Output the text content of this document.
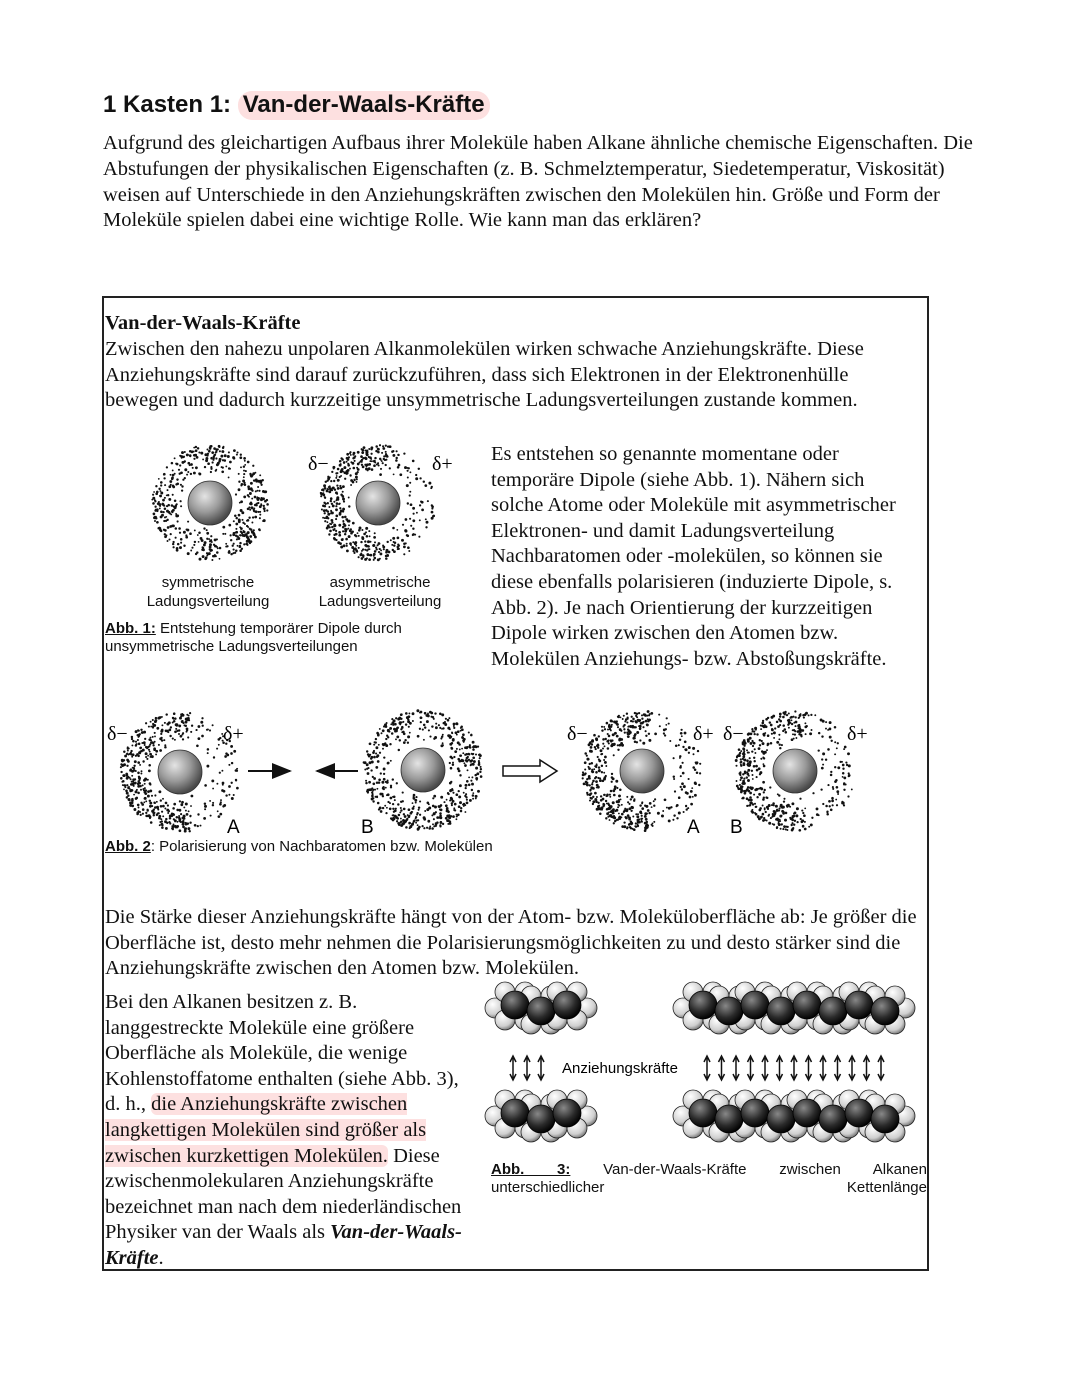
1 Kasten 1: Van-der-Waals-Kräfte

Aufgrund des gleichartigen Aufbaus ihrer Moleküle haben Alkane ähnliche chemische Eigenschaften. Die Abstufungen der physikalischen Eigenschaften (z. B. Schmelztemperatur, Siedetemperatur, Viskosität) weisen auf Unterschiede in den Anziehungskräften zwischen den Molekülen hin. Größe und Form der Moleküle spielen dabei eine wichtige Rolle. Wie kann man das erklären?

Van-der-Waals-Kräfte

Zwischen den nahezu unpolaren Alkanmolekülen wirken schwache Anziehungskräfte. Diese Anziehungskräfte sind darauf zurückzuführen, dass sich Elektronen in der Elektronenhülle bewegen und dadurch kurzzeitige unsymmetrische Ladungsverteilungen zustande kommen.

Es entstehen so genannte momentane oder temporäre Dipole (siehe Abb. 1). Nähern sich solche Atome oder Moleküle mit asymmetrischer Elektronen- und damit Ladungsverteilung Nachbaratomen oder -molekülen, so können sie diese ebenfalls polarisieren (induzierte Dipole, s. Abb. 2). Je nach Orientierung der kurzzeitigen Dipole wirken zwischen den Atomen bzw. Molekülen Anziehungs- bzw. Abstoßungskräfte.

δ−	δ+
symmetrische
Ladungsverteilung
asymmetrische
Ladungsverteilung

Abb. 1: Entstehung temporärer Dipole durch unsymmetrische Ladungsverteilungen

δ−	δ+	δ−	δ+ δ−	δ+
A	B	A B

Abb. 2: Polarisierung von Nachbaratomen bzw. Molekülen

Die Stärke dieser Anziehungskräfte hängt von der Atom- bzw. Moleküloberfläche ab: Je größer die Oberfläche ist, desto mehr nehmen die Polarisierungsmöglichkeiten zu und desto stärker sind die Anziehungskräfte zwischen den Atomen bzw. Molekülen.

Bei den Alkanen besitzen z. B. langgestreckte Moleküle eine größere Oberfläche als Moleküle, die wenige Kohlenstoffatome enthalten (siehe Abb. 3), d. h., die Anziehungskräfte zwischen langkettigen Molekülen sind größer als zwischen kurzkettigen Molekülen. Diese zwischenmolekularen Anziehungskräfte bezeichnet man nach dem niederländischen Physiker van der Waals als Van-der-Waals-Kräfte.

Anziehungskräfte

Abb. 3: Van-der-Waals-Kräfte zwischen Alkanen unterschiedlicher Kettenlänge
